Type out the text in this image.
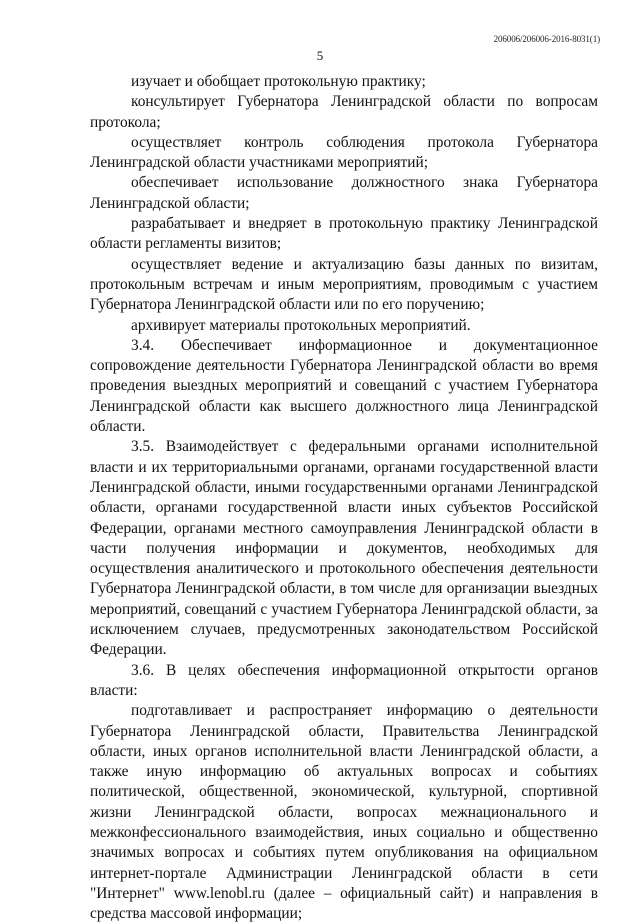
206006/206006-2016-8031(1)
5

изучает и обобщает протокольную практику;

консультирует Губернатора Ленинградской области по вопросам протокола;

осуществляет контроль соблюдения протокола Губернатора Ленинградской области участниками мероприятий;

обеспечивает использование должностного знака Губернатора Ленинградской области;

разрабатывает и внедряет в протокольную практику Ленинградской области регламенты визитов;

осуществляет ведение и актуализацию базы данных по визитам, протокольным встречам и иным мероприятиям, проводимым с участием Губернатора Ленинградской области или по его поручению;

архивирует материалы протокольных мероприятий.

3.4. Обеспечивает информационное и документационное сопровождение деятельности Губернатора Ленинградской области во время проведения выездных мероприятий и совещаний с участием Губернатора Ленинградской области как высшего должностного лица Ленинградской области.

3.5. Взаимодействует с федеральными органами исполнительной власти и их территориальными органами, органами государственной власти Ленинградской области, иными государственными органами Ленинградской области, органами государственной власти иных субъектов Российской Федерации, органами местного самоуправления Ленинградской области в части получения информации и документов, необходимых для осуществления аналитического и протокольного обеспечения деятельности Губернатора Ленинградской области, в том числе для организации выездных мероприятий, совещаний с участием Губернатора Ленинградской области, за исключением случаев, предусмотренных законодательством Российской Федерации.

3.6. В целях обеспечения информационной открытости органов власти:

подготавливает и распространяет информацию о деятельности Губернатора Ленинградской области, Правительства Ленинградской области, иных органов исполнительной власти Ленинградской области, а также иную информацию об актуальных вопросах и событиях политической, общественной, экономической, культурной, спортивной жизни Ленинградской области, вопросах межнационального и межконфессионального взаимодействия, иных социально и общественно значимых вопросах и событиях путем опубликования на официальном интернет-портале Администрации Ленинградской области в сети "Интернет" www.lenobl.ru (далее – официальный сайт) и направления в средства массовой информации;
